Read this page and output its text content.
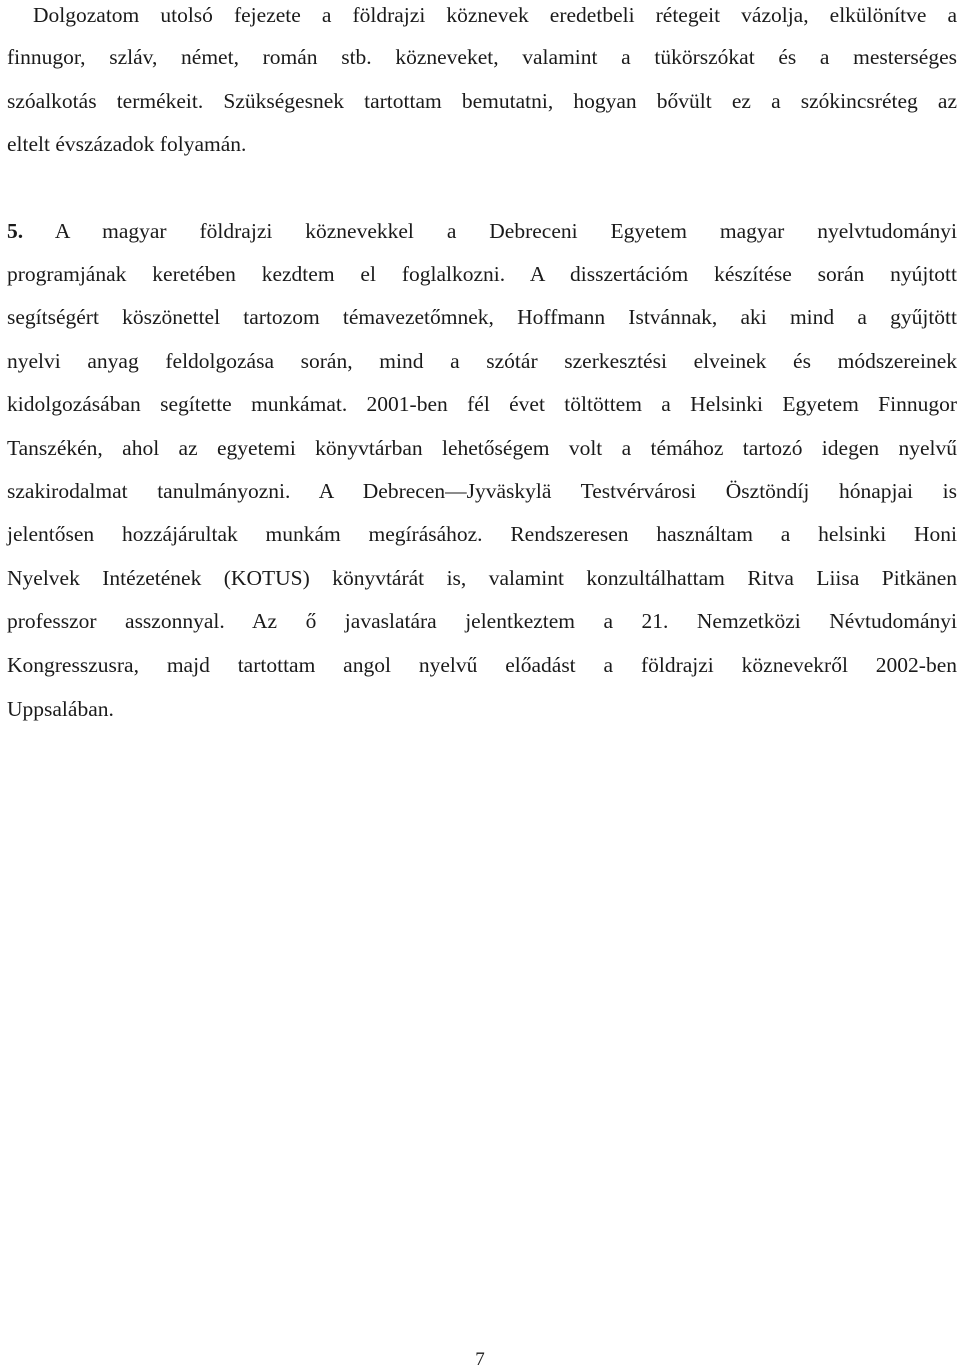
Dolgozatom utolsó fejezete a földrajzi köznevek eredetbeli rétegeit vázolja, elkülönítve a
finnugor, szláv, német, román stb. közneveket, valamint a tükörszókat és a mesterséges
szóalkotás termékeit. Szükségesnek tartottam bemutatni, hogyan bővült ez a szókincsréteg az
eltelt évszázadok folyamán.
5. A magyar földrajzi köznevekkel a Debreceni Egyetem magyar nyelvtudományi
programjának keretében kezdtem el foglalkozni. A disszertációm készítése során nyújtott
segítségért köszönettel tartozom témavezetőmnek, Hoffmann Istvánnak, aki mind a gyűjtött
nyelvi anyag feldolgozása során, mind a szótár szerkesztési elveinek és módszereinek
kidolgozásában segítette munkámat. 2001-ben fél évet töltöttem a Helsinki Egyetem Finnugor
Tanszékén, ahol az egyetemi könyvtárban lehetőségem volt a témához tartozó idegen nyelvű
szakirodalmat tanulmányozni. A Debrecen—Jyväskylä Testvérvárosi Ösztöndíj hónapjai is
jelentősen hozzájárultak munkám megírásához. Rendszeresen használtam a helsinki Honi
Nyelvek Intézetének (KOTUS) könyvtárát is, valamint konzultálhattam Ritva Liisa Pitkänen
professzor asszonnyal. Az ő javaslatára jelentkeztem a 21. Nemzetközi Névtudományi
Kongresszusra, majd tartottam angol nyelvű előadást a földrajzi köznevekről 2002-ben
Uppsalában.
7
